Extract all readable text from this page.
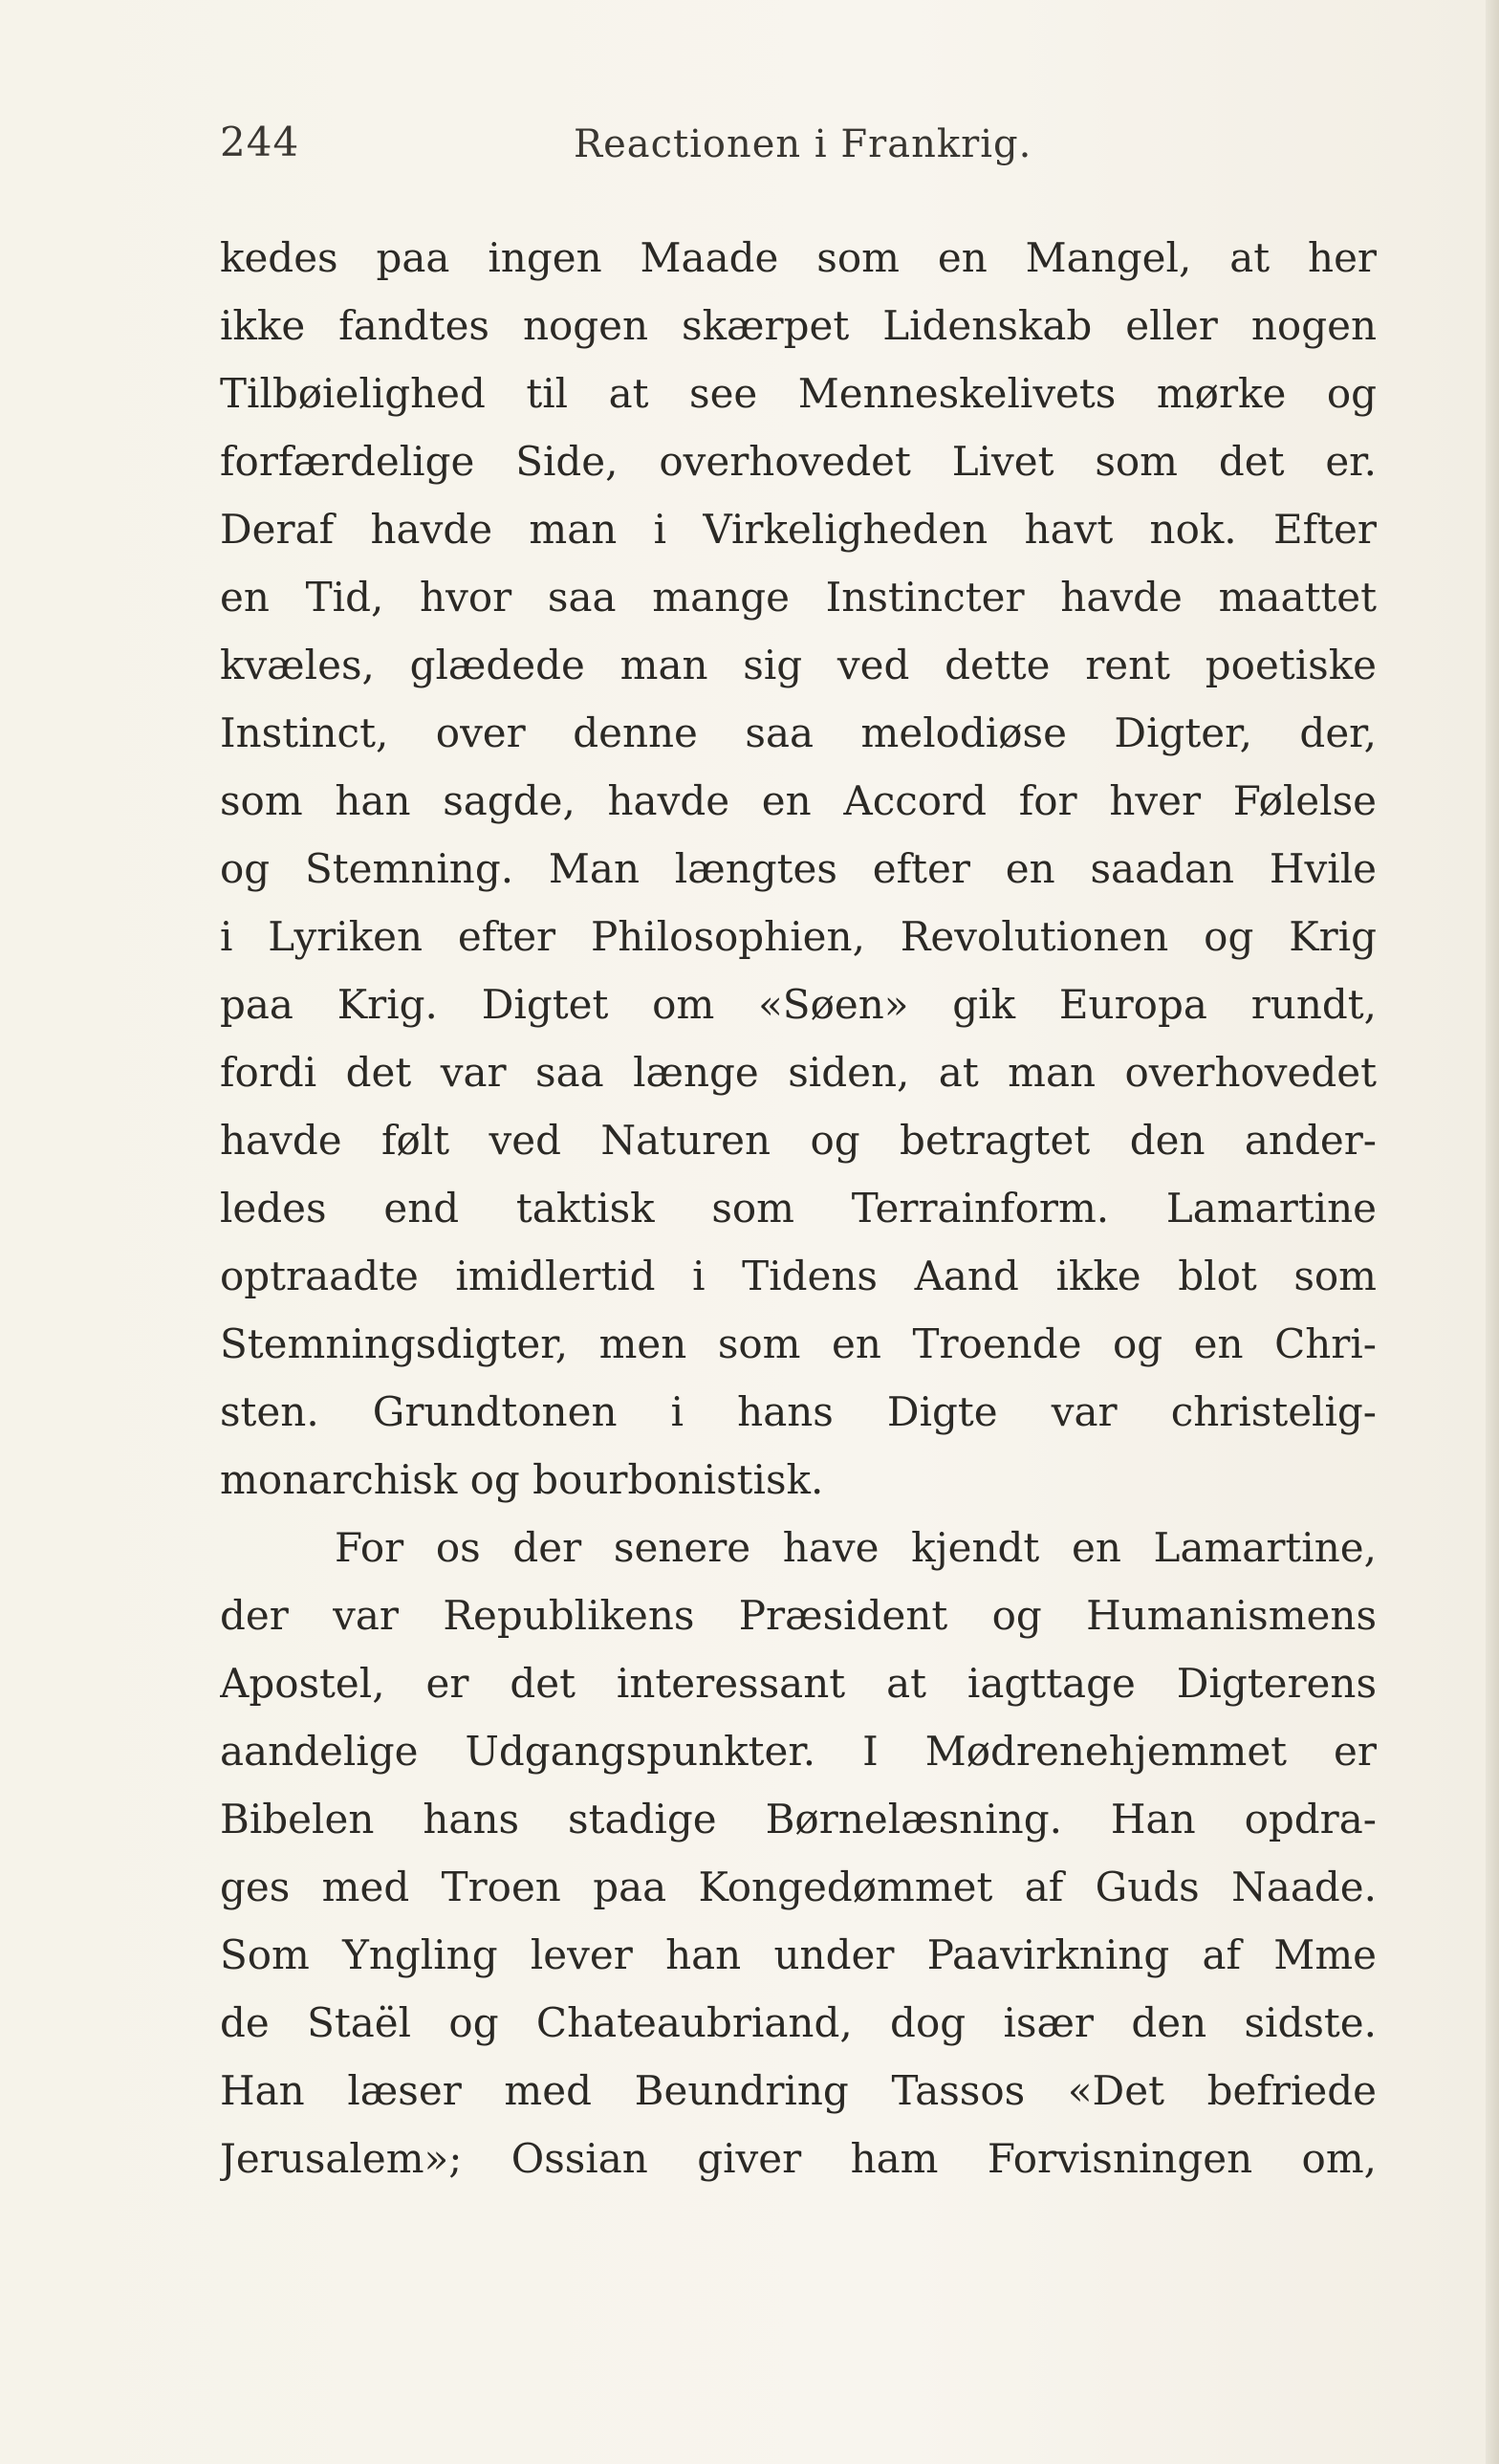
244	Reactionen i Frankrig.
kedes paa ingen Maade som en Mangel, at her
ikke fandtes nogen skærpet Lidenskab eller nogen
Tilbøielighed til at see Menneskelivets mørke og
forfærdelige Side, overhovedet Livet som det er.
Deraf havde man i Virkeligheden havt nok. Efter
en Tid, hvor saa mange Instincter havde maattet
kvæles, glædede man sig ved dette rent poetiske
Instinct, over denne saa melodiøse Digter, der,
som han sagde, havde en Accord for hver Følelse
og Stemning. Man længtes efter en saadan Hvile
i Lyriken efter Philosophien, Revolutionen og Krig
paa Krig. Digtet om «Søen» gik Europa rundt,
fordi det var saa længe siden, at man overhovedet
havde følt ved Naturen og betragtet den ander-
ledes end taktisk som Terrainform. Lamartine
optraadte imidlertid i Tidens Aand ikke blot som
Stemningsdigter, men som en Troende og en Chri-
sten. Grundtonen i hans Digte var christelig-
monarchisk og bourbonistisk.
For os der senere have kjendt en Lamartine,
der var Republikens Præsident og Humanismens
Apostel, er det interessant at iagttage Digterens
aandelige Udgangspunkter. I Mødrenehjemmet er
Bibelen hans stadige Børnelæsning. Han opdra-
ges med Troen paa Kongedømmet af Guds Naade.
Som Yngling lever han under Paavirkning af Mme
de Staël og Chateaubriand, dog især den sidste.
Han læser med Beundring Tassos «Det befriede
Jerusalem»; Ossian giver ham Forvisningen om,
